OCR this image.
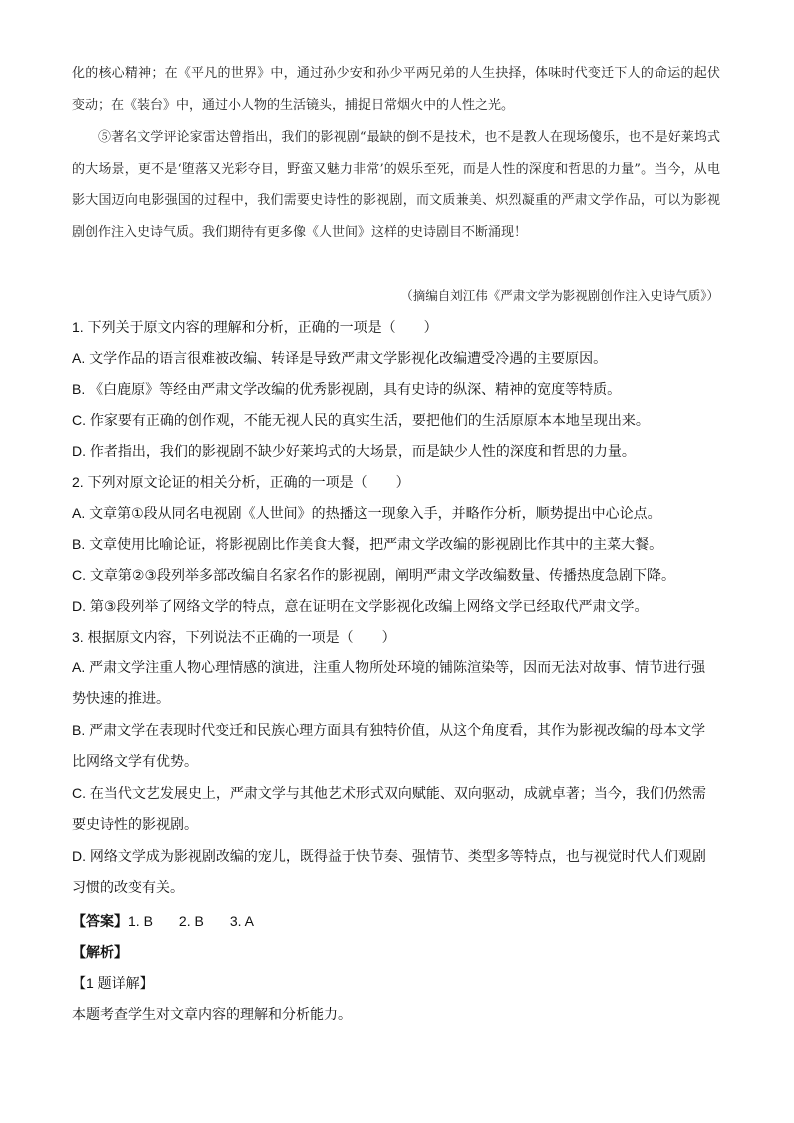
化的核心精神；在《平凡的世界》中，通过孙少安和孙少平两兄弟的人生抉择，体味时代变迁下人的命运的起伏变动；在《装台》中，通过小人物的生活镜头，捕捉日常烟火中的人性之光。

⑤著名文学评论家雷达曾指出，我们的影视剧“最缺的倒不是技术，也不是教人在现场傻乐，也不是好莱坞式的大场景，更不是‘堕落又光彩夺目，野蛮又魅力非常’的娱乐至死，而是人性的深度和哲思的力量”。当今，从电影大国迈向电影强国的过程中，我们需要史诗性的影视剧，而文质兼美、炽烈凝重的严肃文学作品，可以为影视剧创作注入史诗气质。我们期待有更多像《人世间》这样的史诗剧目不断涌现！

（摘编自刘江伟《严肃文学为影视剧创作注入史诗气质》）
1. 下列关于原文内容的理解和分析，正确的一项是（　　）
A. 文学作品的语言很难被改编、转译是导致严肃文学影视化改编遭受冷遇的主要原因。
B. 《白鹿原》等经由严肃文学改编的优秀影视剧，具有史诗的纵深、精神的宽度等特质。
C. 作家要有正确的创作观，不能无视人民的真实生活，要把他们的生活原原本本地呈现出来。
D. 作者指出，我们的影视剧不缺少好莱坞式的大场景，而是缺少人性的深度和哲思的力量。
2. 下列对原文论证的相关分析，正确的一项是（　　）
A. 文章第①段从同名电视剧《人世间》的热播这一现象入手，并略作分析，顺势提出中心论点。
B. 文章使用比喻论证，将影视剧比作美食大餐，把严肃文学改编的影视剧比作其中的主菜大餐。
C. 文章第②③段列举多部改编自名家名作的影视剧，阐明严肃文学改编数量、传播热度急剧下降。
D. 第③段列举了网络文学的特点，意在证明在文学影视化改编上网络文学已经取代严肃文学。
3. 根据原文内容，下列说法不正确的一项是（　　）
A. 严肃文学注重人物心理情感的演进，注重人物所处环境的铺陈渲染等，因而无法对故事、情节进行强势快速的推进。
B. 严肃文学在表现时代变迁和民族心理方面具有独特价值，从这个角度看，其作为影视改编的母本文学比网络文学有优势。
C. 在当代文艺发展史上，严肃文学与其他艺术形式双向赋能、双向驱动，成就卓著；当今，我们仍然需要史诗性的影视剧。
D. 网络文学成为影视剧改编的宠儿，既得益于快节奏、强情节、类型多等特点，也与视觉时代人们观剧习惯的改变有关。
【答案】1. B 2. B 3. A
【解析】
【1 题详解】
本题考查学生对文章内容的理解和分析能力。
